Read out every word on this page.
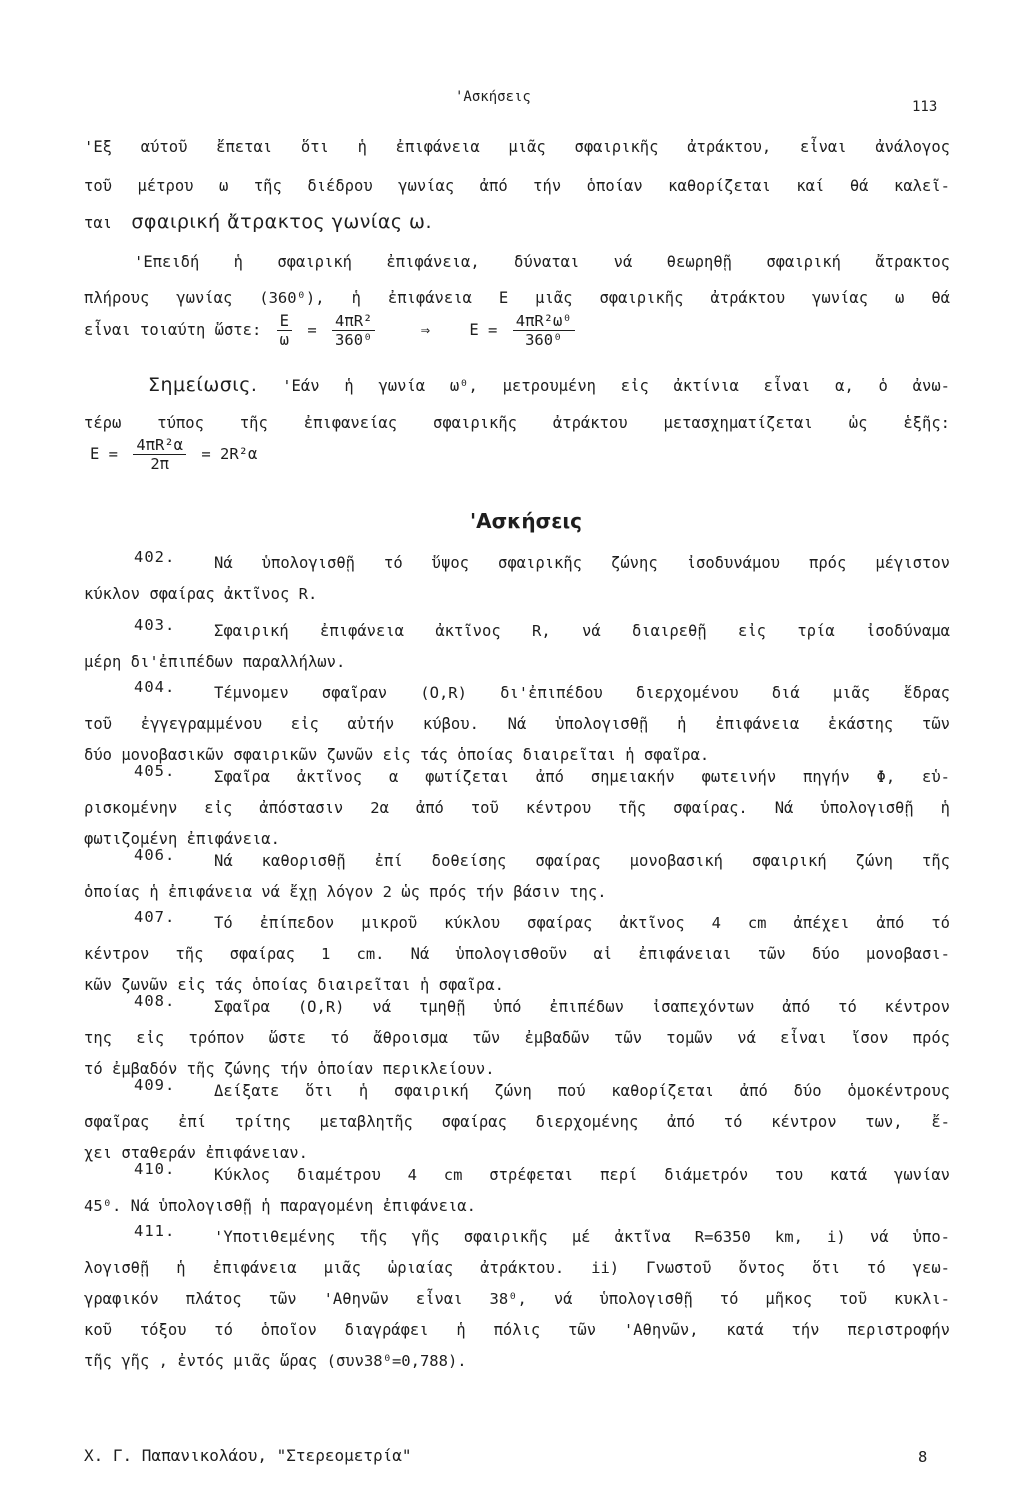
'Ασκήσεις
113
'Εξ αύτοῦ ἔπεται ὅτι ἡ ἐπιφάνεια μιᾶς σφαιρικῆς ἀτράκτου, εἶναι ἀνάλογος
τοῦ μέτρου ω τῆς διέδρου γωνίας ἀπό τήν ὁποίαν καθορίζεται καί θά καλεῖ-
ται σφαιρική ἄτρακτος γωνίας ω.
'Επειδή ἡ σφαιρική ἐπιφάνεια, δύναται νά θεωρηθῇ σφαιρική ἄτρακτος
πλήρους γωνίας (360⁰), ἡ ἐπιφάνεια Ε μιᾶς σφαιρικῆς ἀτράκτου γωνίας ω θά
εἶναι τοιαύτη ὥστε: $\frac{E}{\omega} = \frac{\text{4πR²}}{\text{360⁰}}$	⇒	$E = \frac{\text{4πR²ω⁰}}{\text{360⁰}}$
Σημείωσις. 'Εάν ἡ γωνία ω⁰, μετρουμένη εἰς ἀκτίνια εἶναι α, ὁ ἀνω-
τέρω τύπος τῆς ἐπιφανείας σφαιρικῆς ἀτράκτου μετασχηματίζεται ὡς ἑξῆς:
$E = \frac{\text{4πR²α}}{2\pi} = 2R^2\alpha$
'Ασκήσεις
Νά ὑπολογισθῇ τό ὕψος σφαιρικῆς ζώνης ἰσοδυνάμου πρός μέγιστον
402.
κύκλον σφαίρας ἀκτῖνος R.
Σφαιρική ἐπιφάνεια ἀκτῖνος R, νά διαιρεθῇ εἰς τρία ἰσοδύναμα
403.
μέρη δι'ἐπιπέδων παραλλήλων.
Τέμνομεν σφαῖραν (Ο,R) δι'ἐπιπέδου διερχομένου διά μιᾶς ἕδρας
404.
τοῦ ἐγγεγραμμένου εἰς αὐτήν κύβου. Νά ὑπολογισθῇ ἡ ἐπιφάνεια ἑκάστης τῶν
δύο μονοβασικῶν σφαιρικῶν ζωνῶν εἰς τάς ὁποίας διαιρεῖται ἡ σφαῖρα.
Σφαῖρα ἀκτῖνος α φωτίζεται ἀπό σημειακήν φωτεινήν πηγήν Φ, εὑ-
405.
ρισκομένην εἰς ἀπόστασιν 2α ἀπό τοῦ κέντρου τῆς σφαίρας. Νά ὑπολογισθῇ ἡ
φωτιζομένη ἐπιφάνεια.
Νά καθορισθῇ ἐπί δοθείσης σφαίρας μονοβασική σφαιρική ζώνη τῆς
406.
ὁποίας ἡ ἐπιφάνεια νά ἔχῃ λόγον 2 ὡς πρός τήν βάσιν της.
Τό ἐπίπεδον μικροῦ κύκλου σφαίρας ἀκτῖνος 4 cm ἀπέχει ἀπό τό
407.
κέντρον τῆς σφαίρας 1 cm. Νά ὑπολογισθοῦν αἱ ἐπιφάνειαι τῶν δύο μονοβασι-
κῶν ζωνῶν εἰς τάς ὁποίας διαιρεῖται ἡ σφαῖρα.
Σφαῖρα (Ο,R) νά τμηθῇ ὑπό ἐπιπέδων ἰσαπεχόντων ἀπό τό κέντρον
408.
της εἰς τρόπον ὥστε τό ἄθροισμα τῶν ἐμβαδῶν τῶν τομῶν νά εἶναι ἴσον πρός
τό ἐμβαδόν τῆς ζώνης τήν ὁποίαν περικλείουν.
Δείξατε ὅτι ἡ σφαιρική ζώνη πού καθορίζεται ἀπό δύο ὁμοκέντρους
409.
σφαῖρας ἐπί τρίτης μεταβλητῆς σφαίρας διερχομένης ἀπό τό κέντρον των, ἔ-
χει σταθεράν ἐπιφάνειαν.
Κύκλος διαμέτρου 4 cm στρέφεται περί διάμετρόν του κατά γωνίαν
410.
45⁰. Νά ὑπολογισθῇ ἡ παραγομένη ἐπιφάνεια.
'Υποτιθεμένης τῆς γῆς σφαιρικῆς μέ ἀκτῖνα R=6350 km, i) νά ὑπο-
411.
λογισθῇ ἡ ἐπιφάνεια μιᾶς ὡριαίας ἀτράκτου. ii) Γνωστοῦ ὄντος ὅτι τό γεω-
γραφικόν πλάτος τῶν 'Αθηνῶν εἶναι 38⁰, νά ὑπολογισθῇ τό μῆκος τοῦ κυκλι-
κοῦ τόξου τό ὁποῖον διαγράφει ἡ πόλις τῶν 'Αθηνῶν, κατά τήν περιστροφήν
τῆς γῆς , ἐντός μιᾶς ὥρας (συν38⁰=0,788).
Χ. Γ. Παπανικολάου, "Στερεομετρία"	8
